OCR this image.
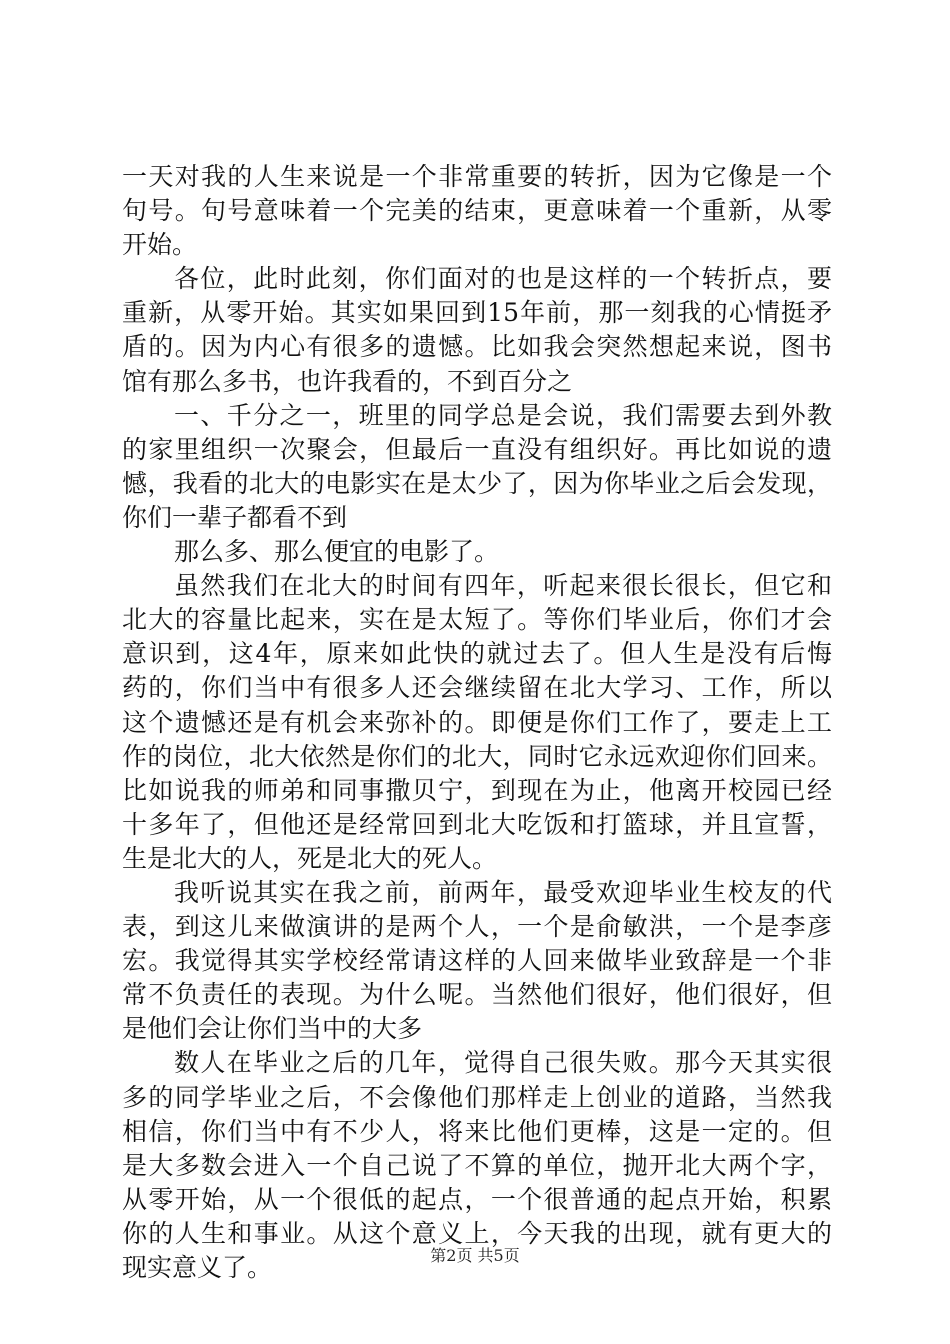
一天对我的人生来说是一个非常重要的转折，因为它像是一个
句号。句号意味着一个完美的结束，更意味着一个重新，从零
开始。
各位，此时此刻，你们面对的也是这样的一个转折点，要
重新，从零开始。其实如果回到15年前，那一刻我的心情挺矛
盾的。因为内心有很多的遗憾。比如我会突然想起来说，图书
馆有那么多书，也许我看的，不到百分之
一、千分之一，班里的同学总是会说，我们需要去到外教
的家里组织一次聚会，但最后一直没有组织好。再比如说的遗
憾，我看的北大的电影实在是太少了，因为你毕业之后会发现，
你们一辈子都看不到
那么多、那么便宜的电影了。
虽然我们在北大的时间有四年，听起来很长很长，但它和
北大的容量比起来，实在是太短了。等你们毕业后，你们才会
意识到，这4年，原来如此快的就过去了。但人生是没有后悔
药的，你们当中有很多人还会继续留在北大学习、工作，所以
这个遗憾还是有机会来弥补的。即便是你们工作了，要走上工
作的岗位，北大依然是你们的北大，同时它永远欢迎你们回来。
比如说我的师弟和同事撒贝宁，到现在为止，他离开校园已经
十多年了，但他还是经常回到北大吃饭和打篮球，并且宣誓，
生是北大的人，死是北大的死人。
我听说其实在我之前，前两年，最受欢迎毕业生校友的代
表，到这儿来做演讲的是两个人，一个是俞敏洪，一个是李彦
宏。我觉得其实学校经常请这样的人回来做毕业致辞是一个非
常不负责任的表现。为什么呢。当然他们很好，他们很好，但
是他们会让你们当中的大多
数人在毕业之后的几年，觉得自己很失败。那今天其实很
多的同学毕业之后，不会像他们那样走上创业的道路，当然我
相信，你们当中有不少人，将来比他们更棒，这是一定的。但
是大多数会进入一个自己说了不算的单位，抛开北大两个字，
从零开始，从一个很低的起点，一个很普通的起点开始，积累
你的人生和事业。从这个意义上，今天我的出现，就有更大的
现实意义了。	第2页 共5页
